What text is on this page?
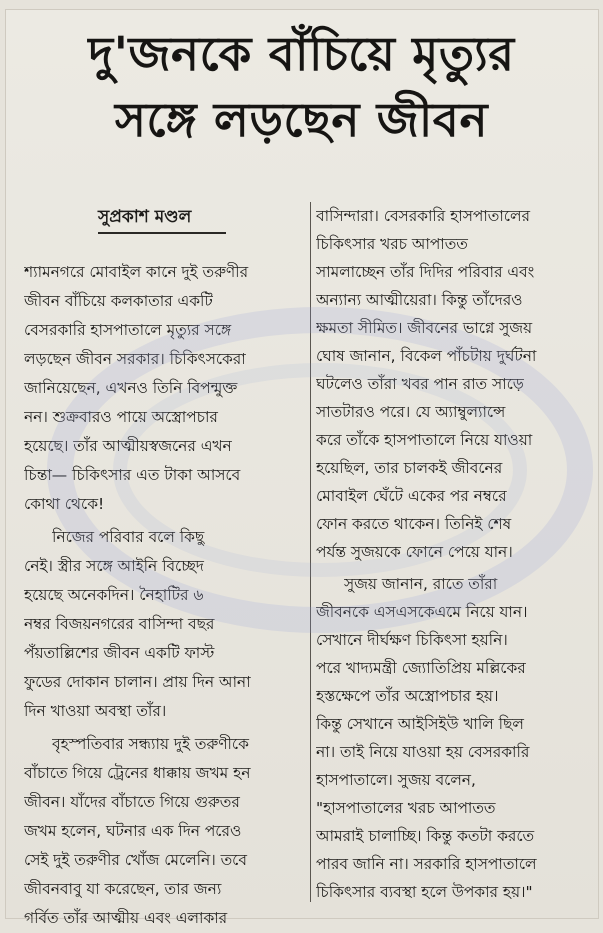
দু'জনকে বাঁচিয়ে মৃত্যুর
সঙ্গে লড়ছেন জীবন
সুপ্রকাশ মণ্ডল
শ্যামনগরে মোবাইল কানে দুই তরুণীর
জীবন বাঁচিয়ে কলকাতার একটি
বেসরকারি হাসপাতালে মৃত্যুর সঙ্গে
লড়ছেন জীবন সরকার। চিকিৎসকেরা
জানিয়েছেন, এখনও তিনি বিপন্মুক্ত
নন। শুক্রবারও পায়ে অস্ত্রোপচার
হয়েছে। তাঁর আত্মীয়স্বজনের এখন
চিন্তা— চিকিৎসার এত টাকা আসবে
কোথা থেকে!
নিজের পরিবার বলে কিছু
নেই। স্ত্রীর সঙ্গে আইনি বিচ্ছেদ
হয়েছে অনেকদিন। নৈহাটির ৬
নম্বর বিজয়নগরের বাসিন্দা বছর
পঁয়তাল্লিশের জীবন একটি ফাস্ট
ফুডের দোকান চালান। প্রায় দিন আনা
দিন খাওয়া অবস্থা তাঁর।
বৃহস্পতিবার সন্ধ্যায় দুই তরুণীকে
বাঁচাতে গিয়ে ট্রেনের ধাক্কায় জখম হন
জীবন। যাঁদের বাঁচাতে গিয়ে গুরুতর
জখম হলেন, ঘটনার এক দিন পরেও
সেই দুই তরুণীর খোঁজ মেলেনি। তবে
জীবনবাবু যা করেছেন, তার জন্য
গর্বিত তাঁর আত্মীয় এবং এলাকার
বাসিন্দারা। বেসরকারি হাসপাতালের
চিকিৎসার খরচ আপাতত
সামলাচ্ছেন তাঁর দিদির পরিবার এবং
অন্যান্য আত্মীয়েরা। কিন্তু তাঁদেরও
ক্ষমতা সীমিত। জীবনের ভাগ্নে সুজয়
ঘোষ জানান, বিকেল পাঁচটায় দুর্ঘটনা
ঘটলেও তাঁরা খবর পান রাত সাড়ে
সাতটারও পরে। যে অ্যাম্বুল্যান্সে
করে তাঁকে হাসপাতালে নিয়ে যাওয়া
হয়েছিল, তার চালকই জীবনের
মোবাইল ঘেঁটে একের পর নম্বরে
ফোন করতে থাকেন। তিনিই শেষ
পর্যন্ত সুজয়কে ফোনে পেয়ে যান।
সুজয় জানান, রাতে তাঁরা
জীবনকে এসএসকেএমে নিয়ে যান।
সেখানে দীর্ঘক্ষণ চিকিৎসা হয়নি।
পরে খাদ্যমন্ত্রী জ্যোতিপ্রিয় মল্লিকের
হস্তক্ষেপে তাঁর অস্ত্রোপচার হয়।
কিন্তু সেখানে আইসিইউ খালি ছিল
না। তাই নিয়ে যাওয়া হয় বেসরকারি
হাসপাতালে। সুজয় বলেন,
"হাসপাতালের খরচ আপাতত
আমরাই চালাচ্ছি। কিন্তু কতটা করতে
পারব জানি না। সরকারি হাসপাতালে
চিকিৎসার ব্যবস্থা হলে উপকার হয়।"
